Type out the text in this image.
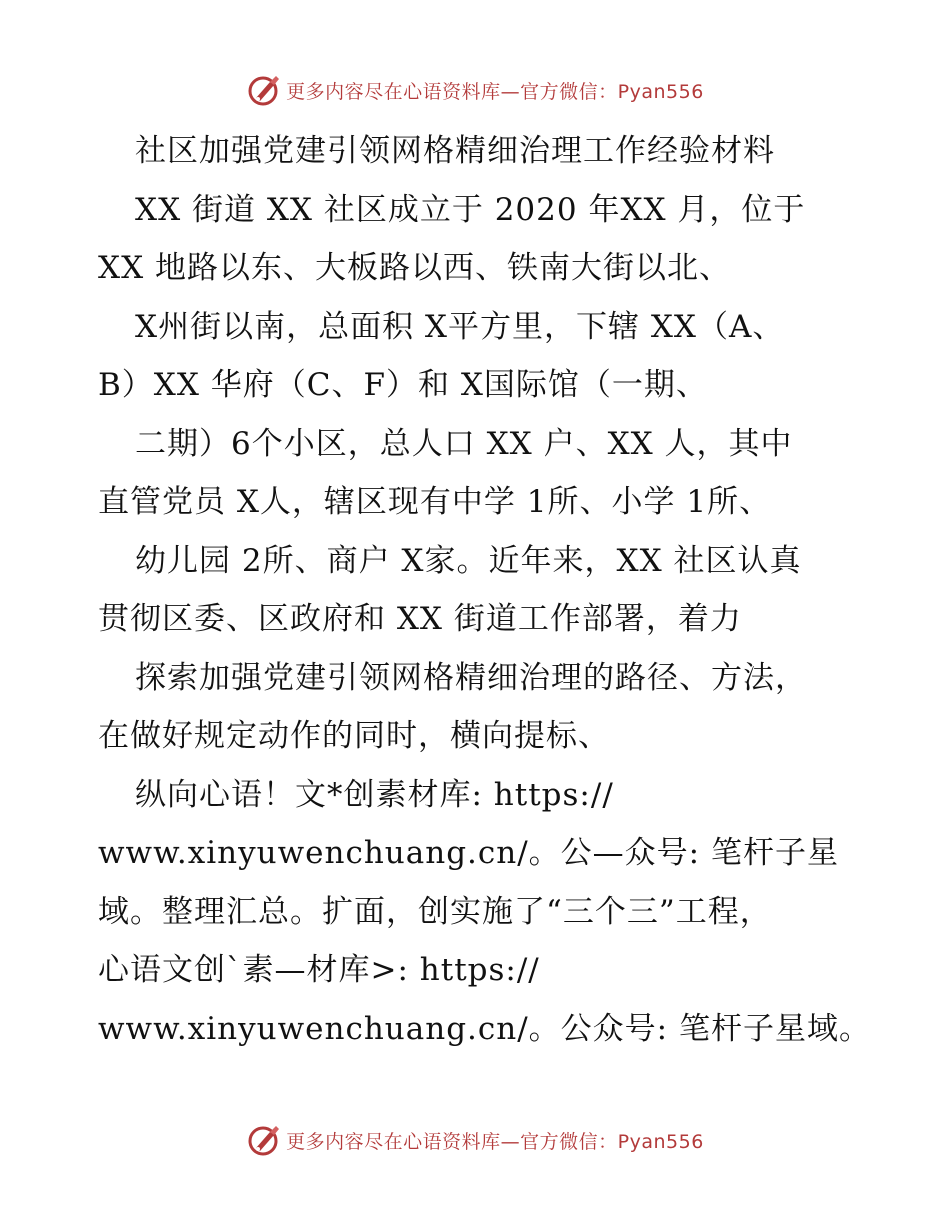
更多内容尽在心语资料库—官方微信：Pyan556
社区加强党建引领网格精细治理工作经验材料
XX 街道 XX 社区成立于 2020 年XX 月，位于
XX 地路以东、大板路以西、铁南大街以北、
X州街以南，总面积 X平方里，下辖 XX（A、
B）XX 华府（C、F）和 X国际馆（一期、
二期）6个小区，总人口 XX 户、XX 人，其中
直管党员 X人，辖区现有中学 1所、小学 1所、
幼儿园 2所、商户 X家。近年来，XX 社区认真
贯彻区委、区政府和 XX 街道工作部署，着力
探索加强党建引领网格精细治理的路径、方法，
在做好规定动作的同时，横向提标、
纵向心语！文*创素材库: https://
www.xinyuwenchuang.cn/。公—众号: 笔杆子星
域。整理汇总。扩面，创实施了“三个三”工程，
心语文创`素—材库>: https://
www.xinyuwenchuang.cn/。公众号: 笔杆子星域。
更多内容尽在心语资料库—官方微信：Pyan556
